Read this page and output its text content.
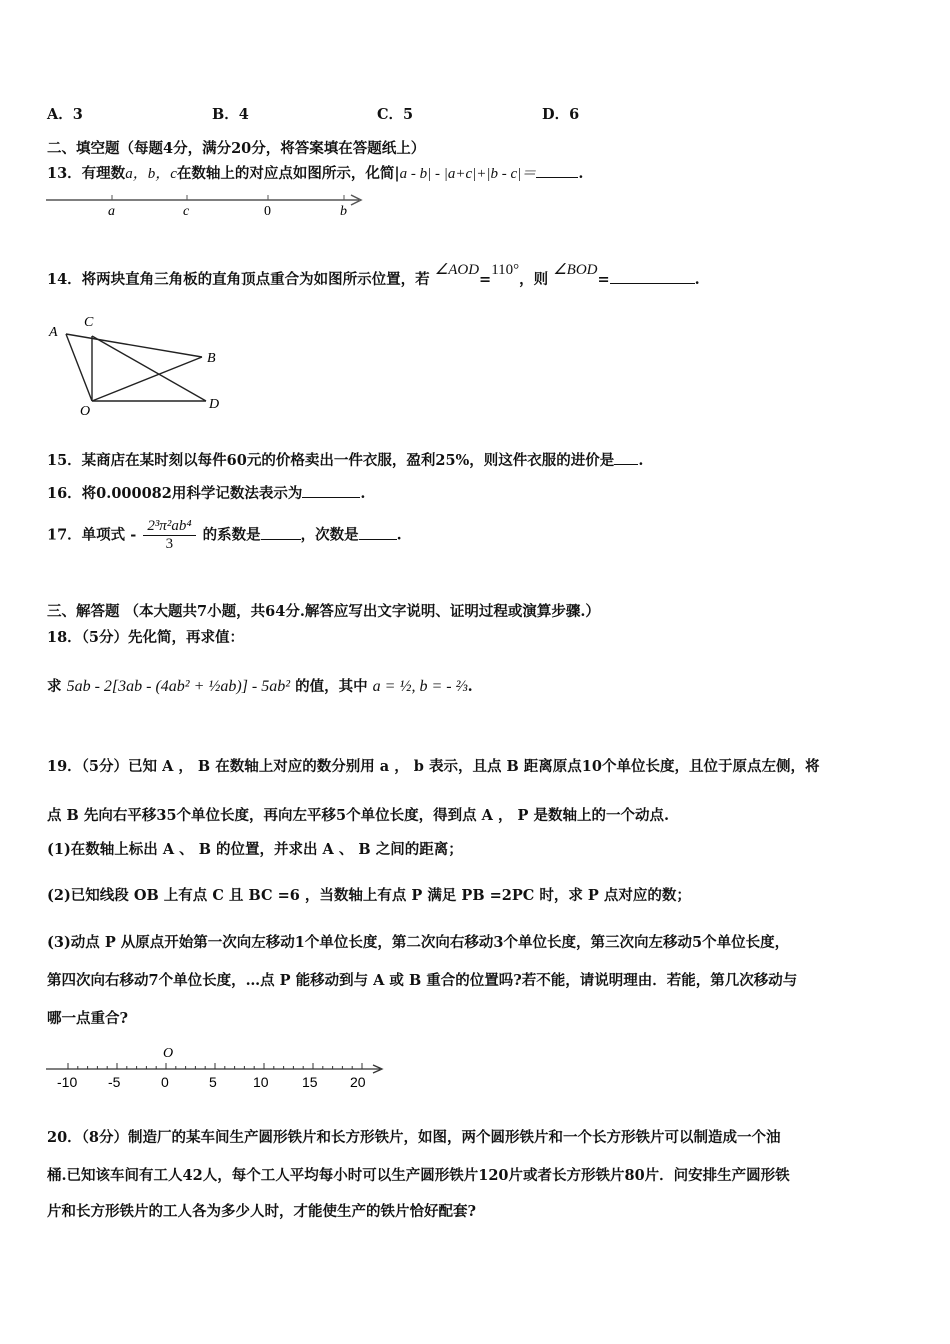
A．3	B．4	C．5	D．6
二、填空题（每题4分，满分20分，将答案填在答题纸上）
13．有理数a，b，c在数轴上的对应点如图所示，化简|a - b| - |a+c|+|b - c|＝	.
a	c	0	b
14．将两块直角三角板的直角顶点重合为如图所示位置，若 ∠AOD=110°，则 ∠BOD=	.
A
C
B
O	D
15．某商店在某时刻以每件60元的价格卖出一件衣服，盈利25%，则这件衣服的进价是 .
16．将0.000082用科学记数法表示为	.
17．单项式 - $\frac{\text{2³π²ab⁴}}{3}$ 的系数是	，次数是	.
三、解答题 （本大题共7小题，共64分.解答应写出文字说明、证明过程或演算步骤.）
18．（5分）先化简，再求值：
求 5ab - 2[3ab - (4ab² + ½ab)] - 5ab² 的值，其中 a = ½, b = - ⅔.
19．（5分）已知 A ， B 在数轴上对应的数分别用 a ， b 表示，且点 B 距离原点10个单位长度，且位于原点左侧，将
点 B 先向右平移35个单位长度，再向左平移5个单位长度，得到点 A ， P 是数轴上的一个动点.
(1)在数轴上标出 A 、 B 的位置，并求出 A 、 B 之间的距离；
(2)已知线段 OB 上有点 C 且 BC =6 ，当数轴上有点 P 满足 PB =2PC 时，求 P 点对应的数；
(3)动点 P 从原点开始第一次向左移动1个单位长度，第二次向右移动3个单位长度，第三次向左移动5个单位长度，
第四次向右移动7个单位长度，…点 P 能移动到与 A 或 B 重合的位置吗?若不能，请说明理由．若能，第几次移动与
哪一点重合?
O
-10 -5	0	5	10 15 20
20．（8分）制造厂的某车间生产圆形铁片和长方形铁片，如图，两个圆形铁片和一个长方形铁片可以制造成一个油
桶.已知该车间有工人42人，每个工人平均每小时可以生产圆形铁片120片或者长方形铁片80片．问安排生产圆形铁
片和长方形铁片的工人各为多少人时，才能使生产的铁片恰好配套?
